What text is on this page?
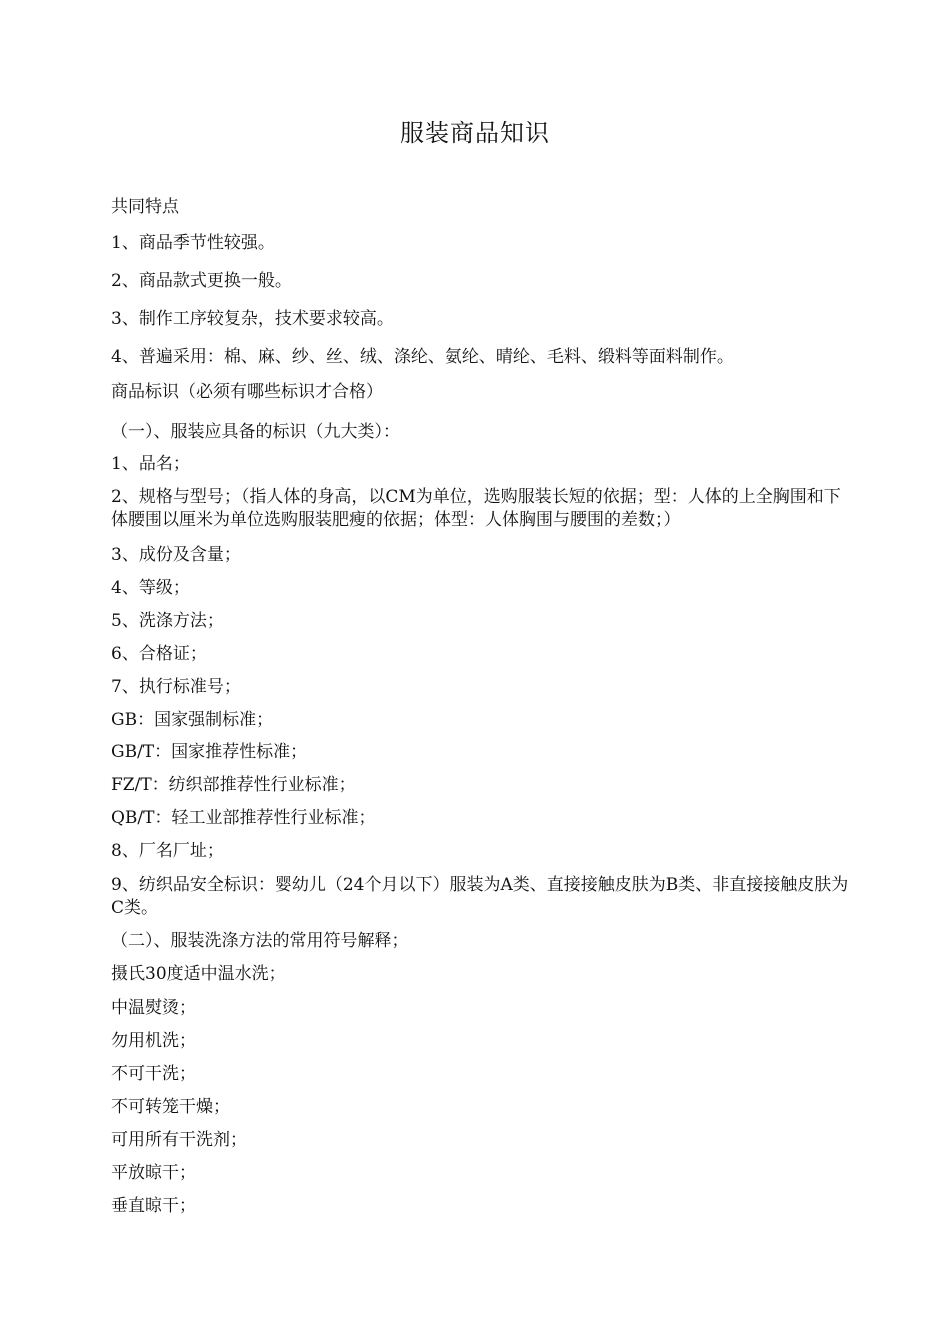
服装商品知识
共同特点
1、商品季节性较强。
2、商品款式更换一般。
3、制作工序较复杂，技术要求较高。
4、普遍采用：棉、麻、纱、丝、绒、涤纶、氨纶、晴纶、毛料、缎料等面料制作。
商品标识（必须有哪些标识才合格）
（一）、服装应具备的标识（九大类）：
1、品名；
2、规格与型号；（指人体的身高，以CM为单位，选购服装长短的依据；型：人体的上全胸围和下体腰围以厘米为单位选购服装肥瘦的依据；体型：人体胸围与腰围的差数；）
3、成份及含量；
4、等级；
5、洗涤方法；
6、合格证；
7、执行标准号；
GB：国家强制标准；
GB/T：国家推荐性标准；
FZ/T：纺织部推荐性行业标准；
QB/T：轻工业部推荐性行业标准；
8、厂名厂址；
9、纺织品安全标识：婴幼儿（24个月以下）服装为A类、直接接触皮肤为B类、非直接接触皮肤为C类。
（二）、服装洗涤方法的常用符号解释；
摄氏30度适中温水洗；
中温熨烫；
勿用机洗；
不可干洗；
不可转笼干燥；
可用所有干洗剂；
平放晾干；
垂直晾干；
